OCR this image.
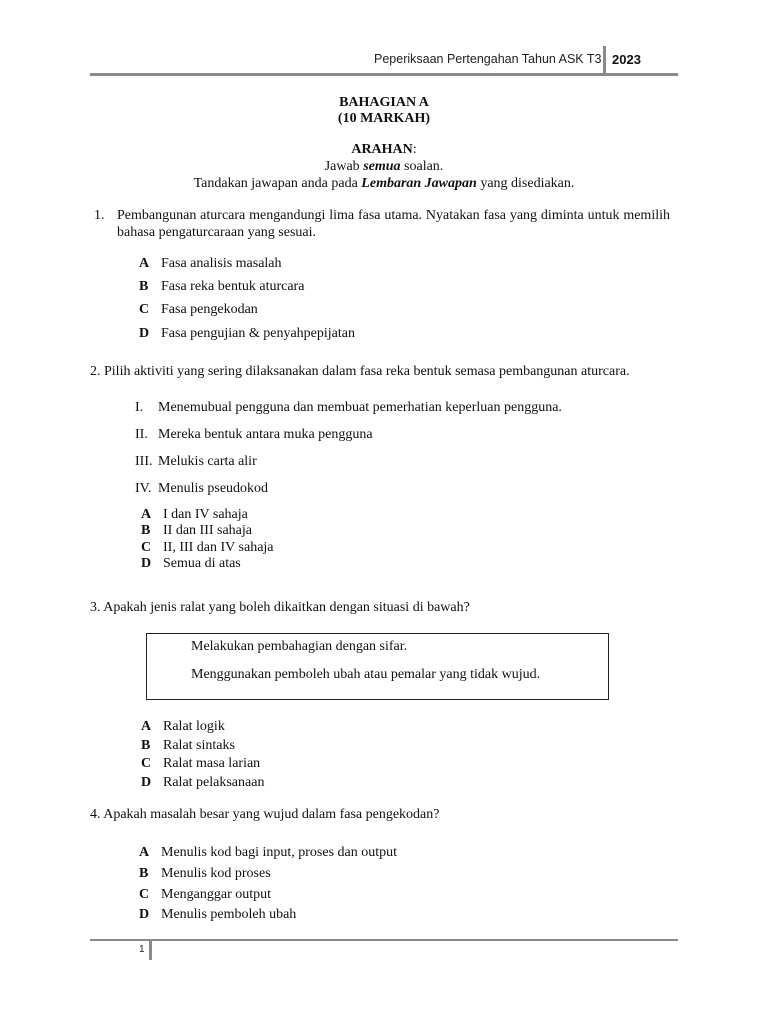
Peperiksaan Pertengahan Tahun ASK T3 2023
BAHAGIAN A
(10 MARKAH)
ARAHAN:
Jawab semua soalan.
Tandakan jawapan anda pada Lembaran Jawapan yang disediakan.
1. Pembangunan aturcara mengandungi lima fasa utama. Nyatakan fasa yang diminta untuk memilih
bahasa pengaturcaraan yang sesuai.
A Fasa analisis masalah
B Fasa reka bentuk aturcara
C Fasa pengekodan
D Fasa pengujian & penyahpepijatan
2. Pilih aktiviti yang sering dilaksanakan dalam fasa reka bentuk semasa pembangunan aturcara.
I. Menemubual pengguna dan membuat pemerhatian keperluan pengguna.
II. Mereka bentuk antara muka pengguna
III. Melukis carta alir
IV. Menulis pseudokod
A I dan IV sahaja
B II dan III sahaja
C II, III dan IV sahaja
D Semua di atas
3. Apakah jenis ralat yang boleh dikaitkan dengan situasi di bawah?
Melakukan pembahagian dengan sifar.
Menggunakan pemboleh ubah atau pemalar yang tidak wujud.
A Ralat logik
B Ralat sintaks
C Ralat masa larian
D Ralat pelaksanaan
4. Apakah masalah besar yang wujud dalam fasa pengekodan?
A Menulis kod bagi input, proses dan output
B Menulis kod proses
C Menganggar output
D Menulis pemboleh ubah
1
